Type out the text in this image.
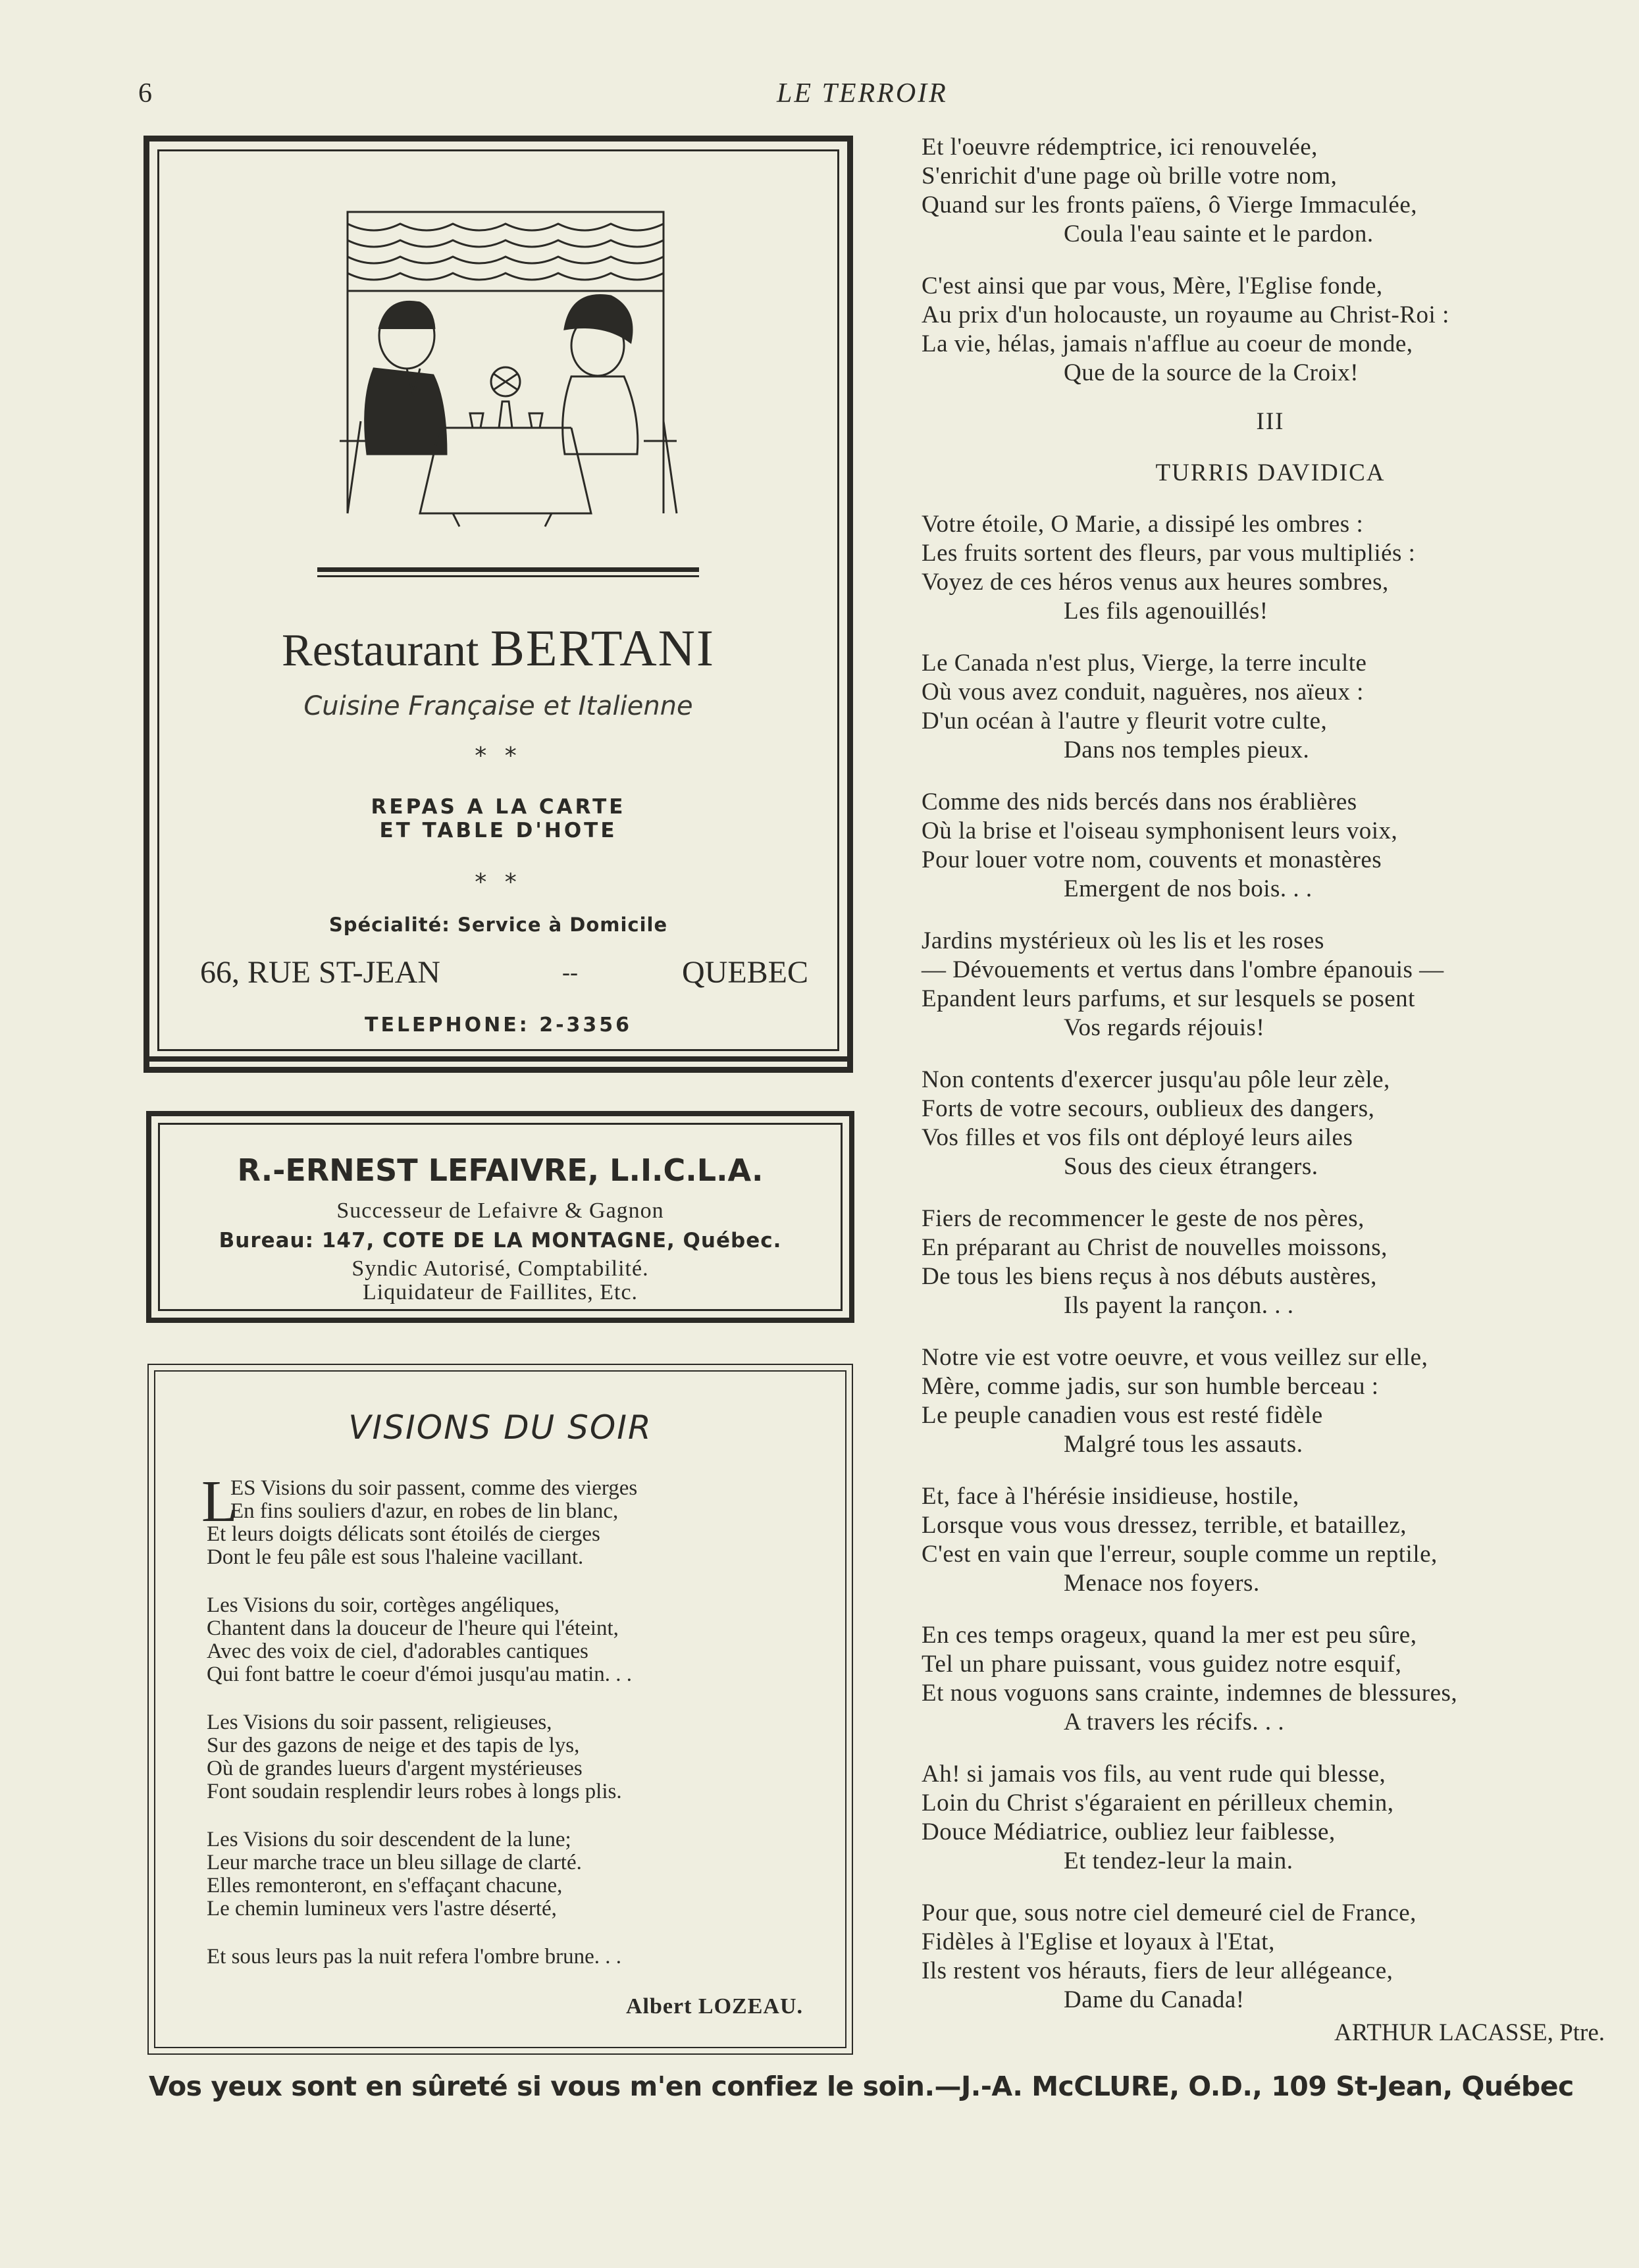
6	LE TERROIR
Restaurant BERTANI
Cuisine Française et Italienne
* *
REPAS A LA CARTE
ET TABLE D'HOTE
* *
Spécialité: Service à Domicile
66, RUE ST-JEAN	--	QUEBEC
TELEPHONE: 2-3356
R.-ERNEST LEFAIVRE, L.I.C.L.A.
Successeur de Lefaivre & Gagnon
Bureau: 147, COTE DE LA MONTAGNE, Québec.
Syndic Autorisé, Comptabilité.
Liquidateur de Faillites, Etc.
VISIONS DU SOIR
L
ES Visions du soir passent, comme des vierges
En fins souliers d'azur, en robes de lin blanc,
Et leurs doigts délicats sont étoilés de cierges
Dont le feu pâle est sous l'haleine vacillant.
Les Visions du soir, cortèges angéliques,
Chantent dans la douceur de l'heure qui l'éteint,
Avec des voix de ciel, d'adorables cantiques
Qui font battre le coeur d'émoi jusqu'au matin. . .
Les Visions du soir passent, religieuses,
Sur des gazons de neige et des tapis de lys,
Où de grandes lueurs d'argent mystérieuses
Font soudain resplendir leurs robes à longs plis.
Les Visions du soir descendent de la lune;
Leur marche trace un bleu sillage de clarté.
Elles remonteront, en s'effaçant chacune,
Le chemin lumineux vers l'astre déserté,
Et sous leurs pas la nuit refera l'ombre brune. . .
Albert LOZEAU.
Et l'oeuvre rédemptrice, ici renouvelée,
S'enrichit d'une page où brille votre nom,
Quand sur les fronts païens, ô Vierge Immaculée,
Coula l'eau sainte et le pardon.
C'est ainsi que par vous, Mère, l'Eglise fonde,
Au prix d'un holocauste, un royaume au Christ-Roi :
La vie, hélas, jamais n'afflue au coeur de monde,
Que de la source de la Croix!
III
TURRIS DAVIDICA
Votre étoile, O Marie, a dissipé les ombres :
Les fruits sortent des fleurs, par vous multipliés :
Voyez de ces héros venus aux heures sombres,
Les fils agenouillés!
Le Canada n'est plus, Vierge, la terre inculte
Où vous avez conduit, naguères, nos aïeux :
D'un océan à l'autre y fleurit votre culte,
Dans nos temples pieux.
Comme des nids bercés dans nos érablières
Où la brise et l'oiseau symphonisent leurs voix,
Pour louer votre nom, couvents et monastères
Emergent de nos bois. . .
Jardins mystérieux où les lis et les roses
— Dévouements et vertus dans l'ombre épanouis —
Epandent leurs parfums, et sur lesquels se posent
Vos regards réjouis!
Non contents d'exercer jusqu'au pôle leur zèle,
Forts de votre secours, oublieux des dangers,
Vos filles et vos fils ont déployé leurs ailes
Sous des cieux étrangers.
Fiers de recommencer le geste de nos pères,
En préparant au Christ de nouvelles moissons,
De tous les biens reçus à nos débuts austères,
Ils payent la rançon. . .
Notre vie est votre oeuvre, et vous veillez sur elle,
Mère, comme jadis, sur son humble berceau :
Le peuple canadien vous est resté fidèle
Malgré tous les assauts.
Et, face à l'hérésie insidieuse, hostile,
Lorsque vous vous dressez, terrible, et bataillez,
C'est en vain que l'erreur, souple comme un reptile,
Menace nos foyers.
En ces temps orageux, quand la mer est peu sûre,
Tel un phare puissant, vous guidez notre esquif,
Et nous voguons sans crainte, indemnes de blessures,
A travers les récifs. . .
Ah! si jamais vos fils, au vent rude qui blesse,
Loin du Christ s'égaraient en périlleux chemin,
Douce Médiatrice, oubliez leur faiblesse,
Et tendez-leur la main.
Pour que, sous notre ciel demeuré ciel de France,
Fidèles à l'Eglise et loyaux à l'Etat,
Ils restent vos hérauts, fiers de leur allégeance,
Dame du Canada!
ARTHUR LACASSE, Ptre.
Vos yeux sont en sûreté si vous m'en confiez le soin.—J.-A. McCLURE, O.D., 109 St-Jean, Québec
